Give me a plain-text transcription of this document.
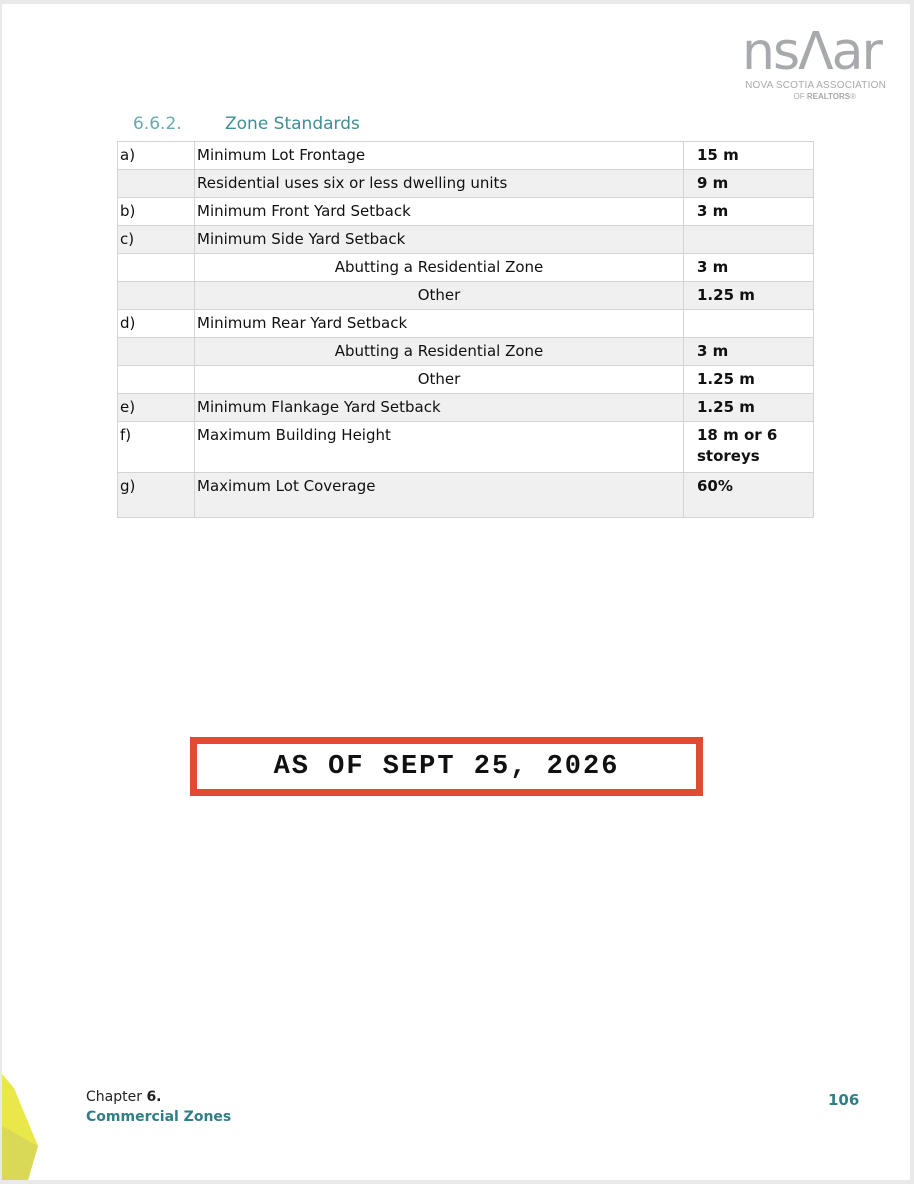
nsᐱar
NOVA SCOTIA ASSOCIATION
OF REALTORS®
6.6.2.	Zone Standards
a)	Minimum Lot Frontage	15 m
	Residential uses six or less dwelling units	9 m
b)	Minimum Front Yard Setback	3 m
c)	Minimum Side Yard Setback	
	Abutting a Residential Zone	3 m
	Other	1.25 m
d)	Minimum Rear Yard Setback	
	Abutting a Residential Zone	3 m
	Other	1.25 m
e)	Minimum Flankage Yard Setback	1.25 m
f)	Maximum Building Height	18 m or 6 storeys
g)	Maximum Lot Coverage	60%
AS OF SEPT 25, 2026
Chapter 6.
Commercial Zones
106
